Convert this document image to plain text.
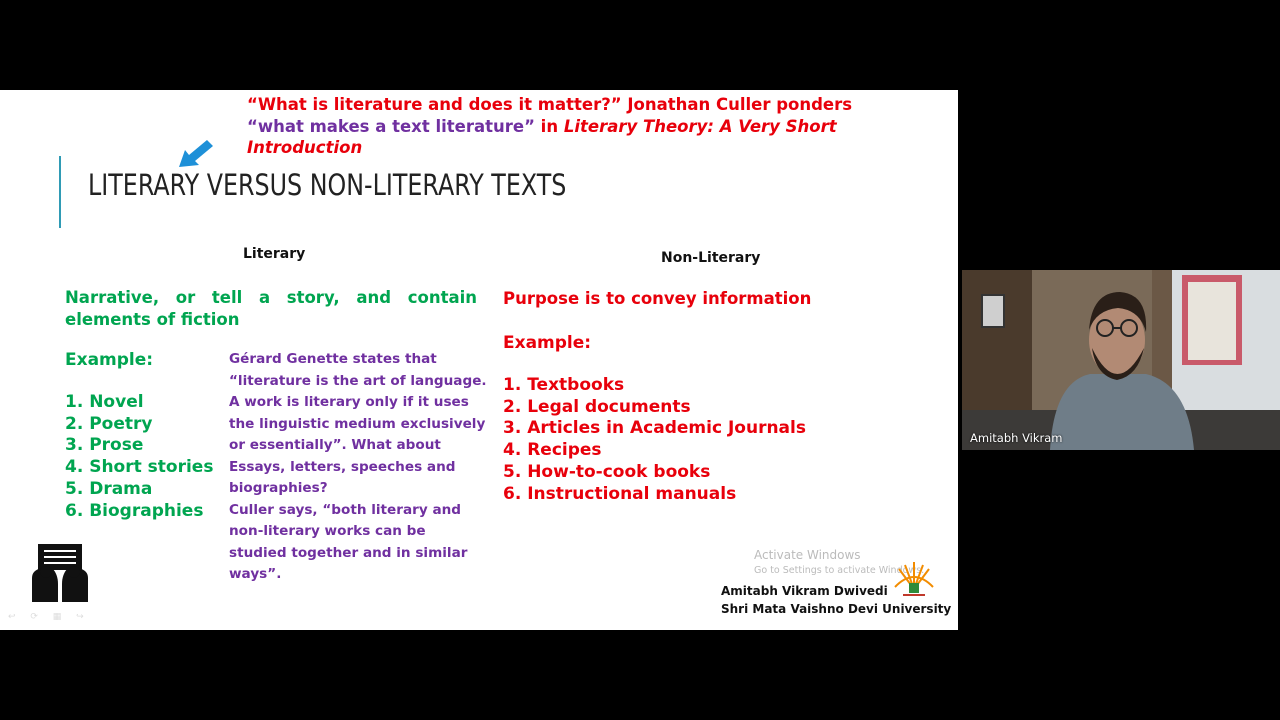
“What is literature and does it matter?” Jonathan Culler ponders
“what makes a text literature” in Literary Theory: A Very Short
Introduction
LITERARY VERSUS NON-LITERARY TEXTS
Literary	Non-Literary
Narrative, or tell a story, and contain elements of fiction
Example:
1. Novel
2. Poetry
3. Prose
4. Short stories
5. Drama
6. Biographies

Gérard Genette states that “literature is the art of language. A work is literary only if it uses the linguistic medium exclusively or essentially”. What about Essays, letters, speeches and biographies?

Culler says, “both literary and non-literary works can be studied together and in similar ways”.

Purpose is to convey information
Example:
1. Textbooks
2. Legal documents
3. Articles in Academic Journals
4. Recipes
5. How-to-cook books
6. Instructional manuals
Activate Windows
Go to Settings to activate Windows.
Amitabh Vikram Dwivedi
Shri Mata Vaishno Devi University
↩ ⟳ ▦ ↪
Amitabh Vikram
